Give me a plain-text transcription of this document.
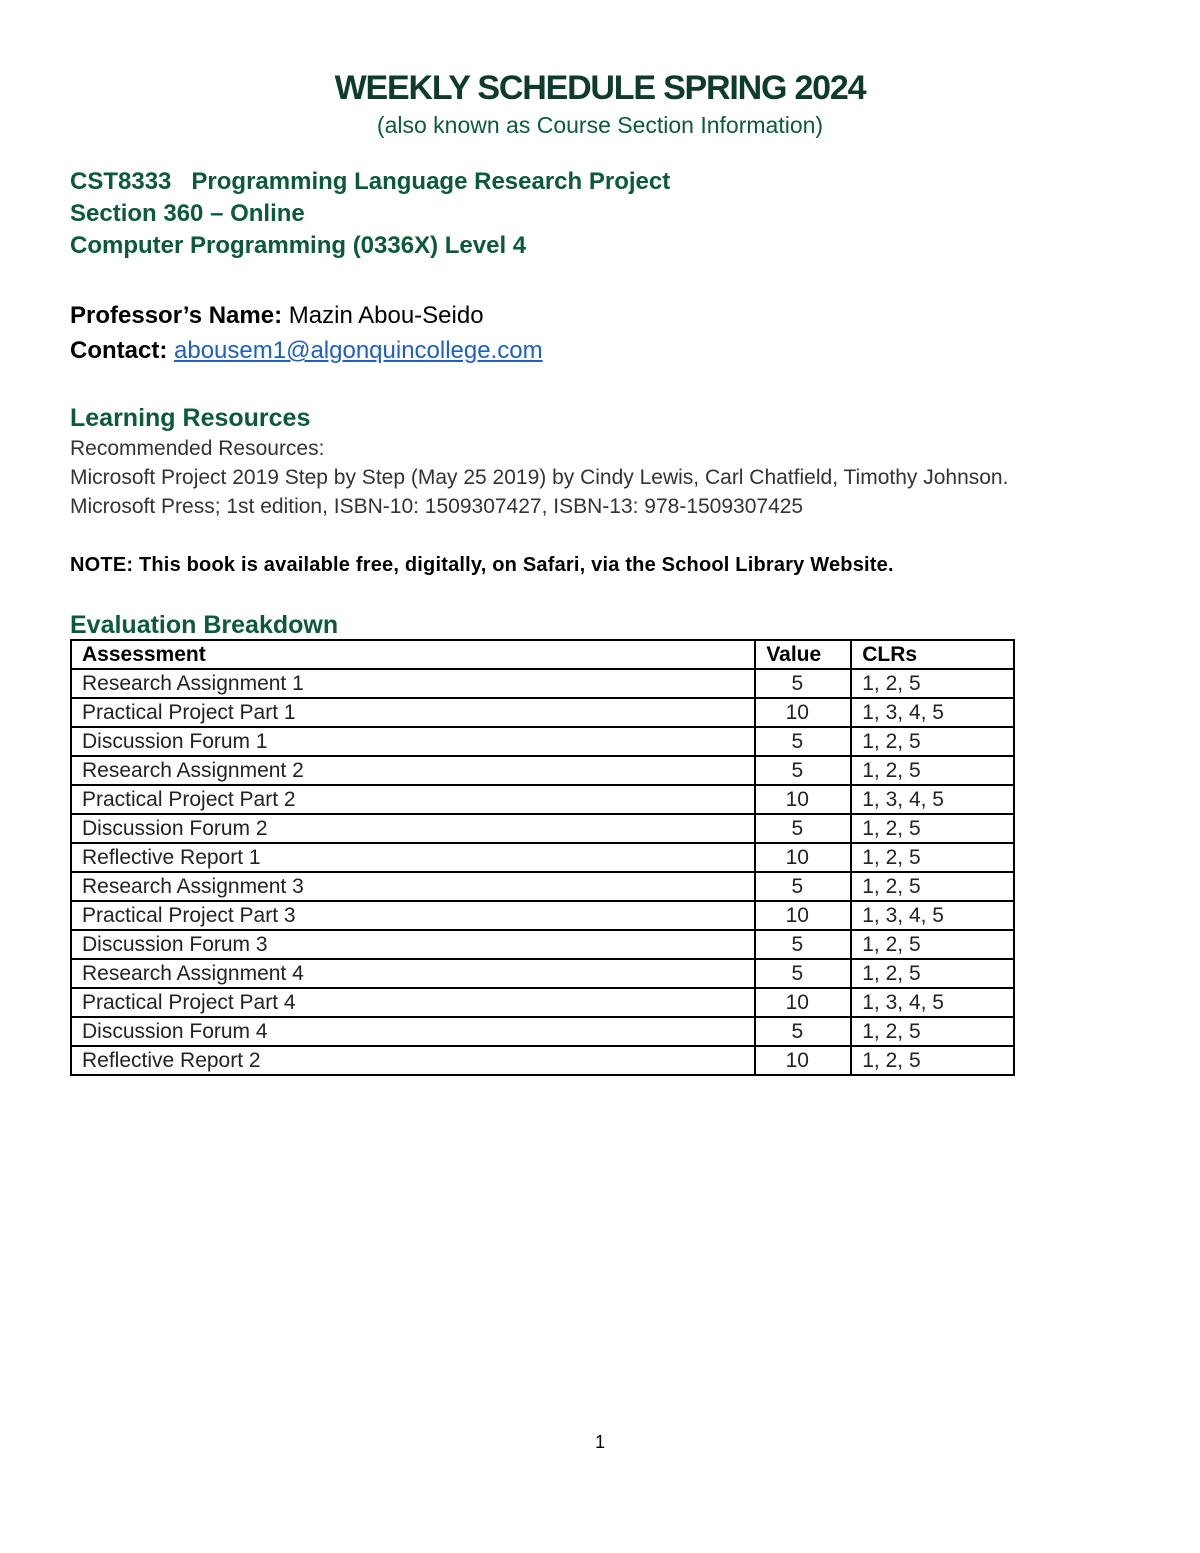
WEEKLY SCHEDULE SPRING 2024
(also known as Course Section Information)
CST8333 Programming Language Research Project
Section 360 – Online
Computer Programming (0336X) Level 4
Professor’s Name: Mazin Abou-Seido
Contact: abousem1@algonquincollege.com
Learning Resources
Recommended Resources:
Microsoft Project 2019 Step by Step (May 25 2019) by Cindy Lewis, Carl Chatfield, Timothy Johnson.
Microsoft Press; 1st edition, ISBN-10: 1509307427, ISBN-13: 978-1509307425
NOTE: This book is available free, digitally, on Safari, via the School Library Website.
Evaluation Breakdown
Assessment	Value	CLRs
Research Assignment 1	5	1, 2, 5
Practical Project Part 1	10	1, 3, 4, 5
Discussion Forum 1	5	1, 2, 5
Research Assignment 2	5	1, 2, 5
Practical Project Part 2	10	1, 3, 4, 5
Discussion Forum 2	5	1, 2, 5
Reflective Report 1	10	1, 2, 5
Research Assignment 3	5	1, 2, 5
Practical Project Part 3	10	1, 3, 4, 5
Discussion Forum 3	5	1, 2, 5
Research Assignment 4	5	1, 2, 5
Practical Project Part 4	10	1, 3, 4, 5
Discussion Forum 4	5	1, 2, 5
Reflective Report 2	10	1, 2, 5
1
